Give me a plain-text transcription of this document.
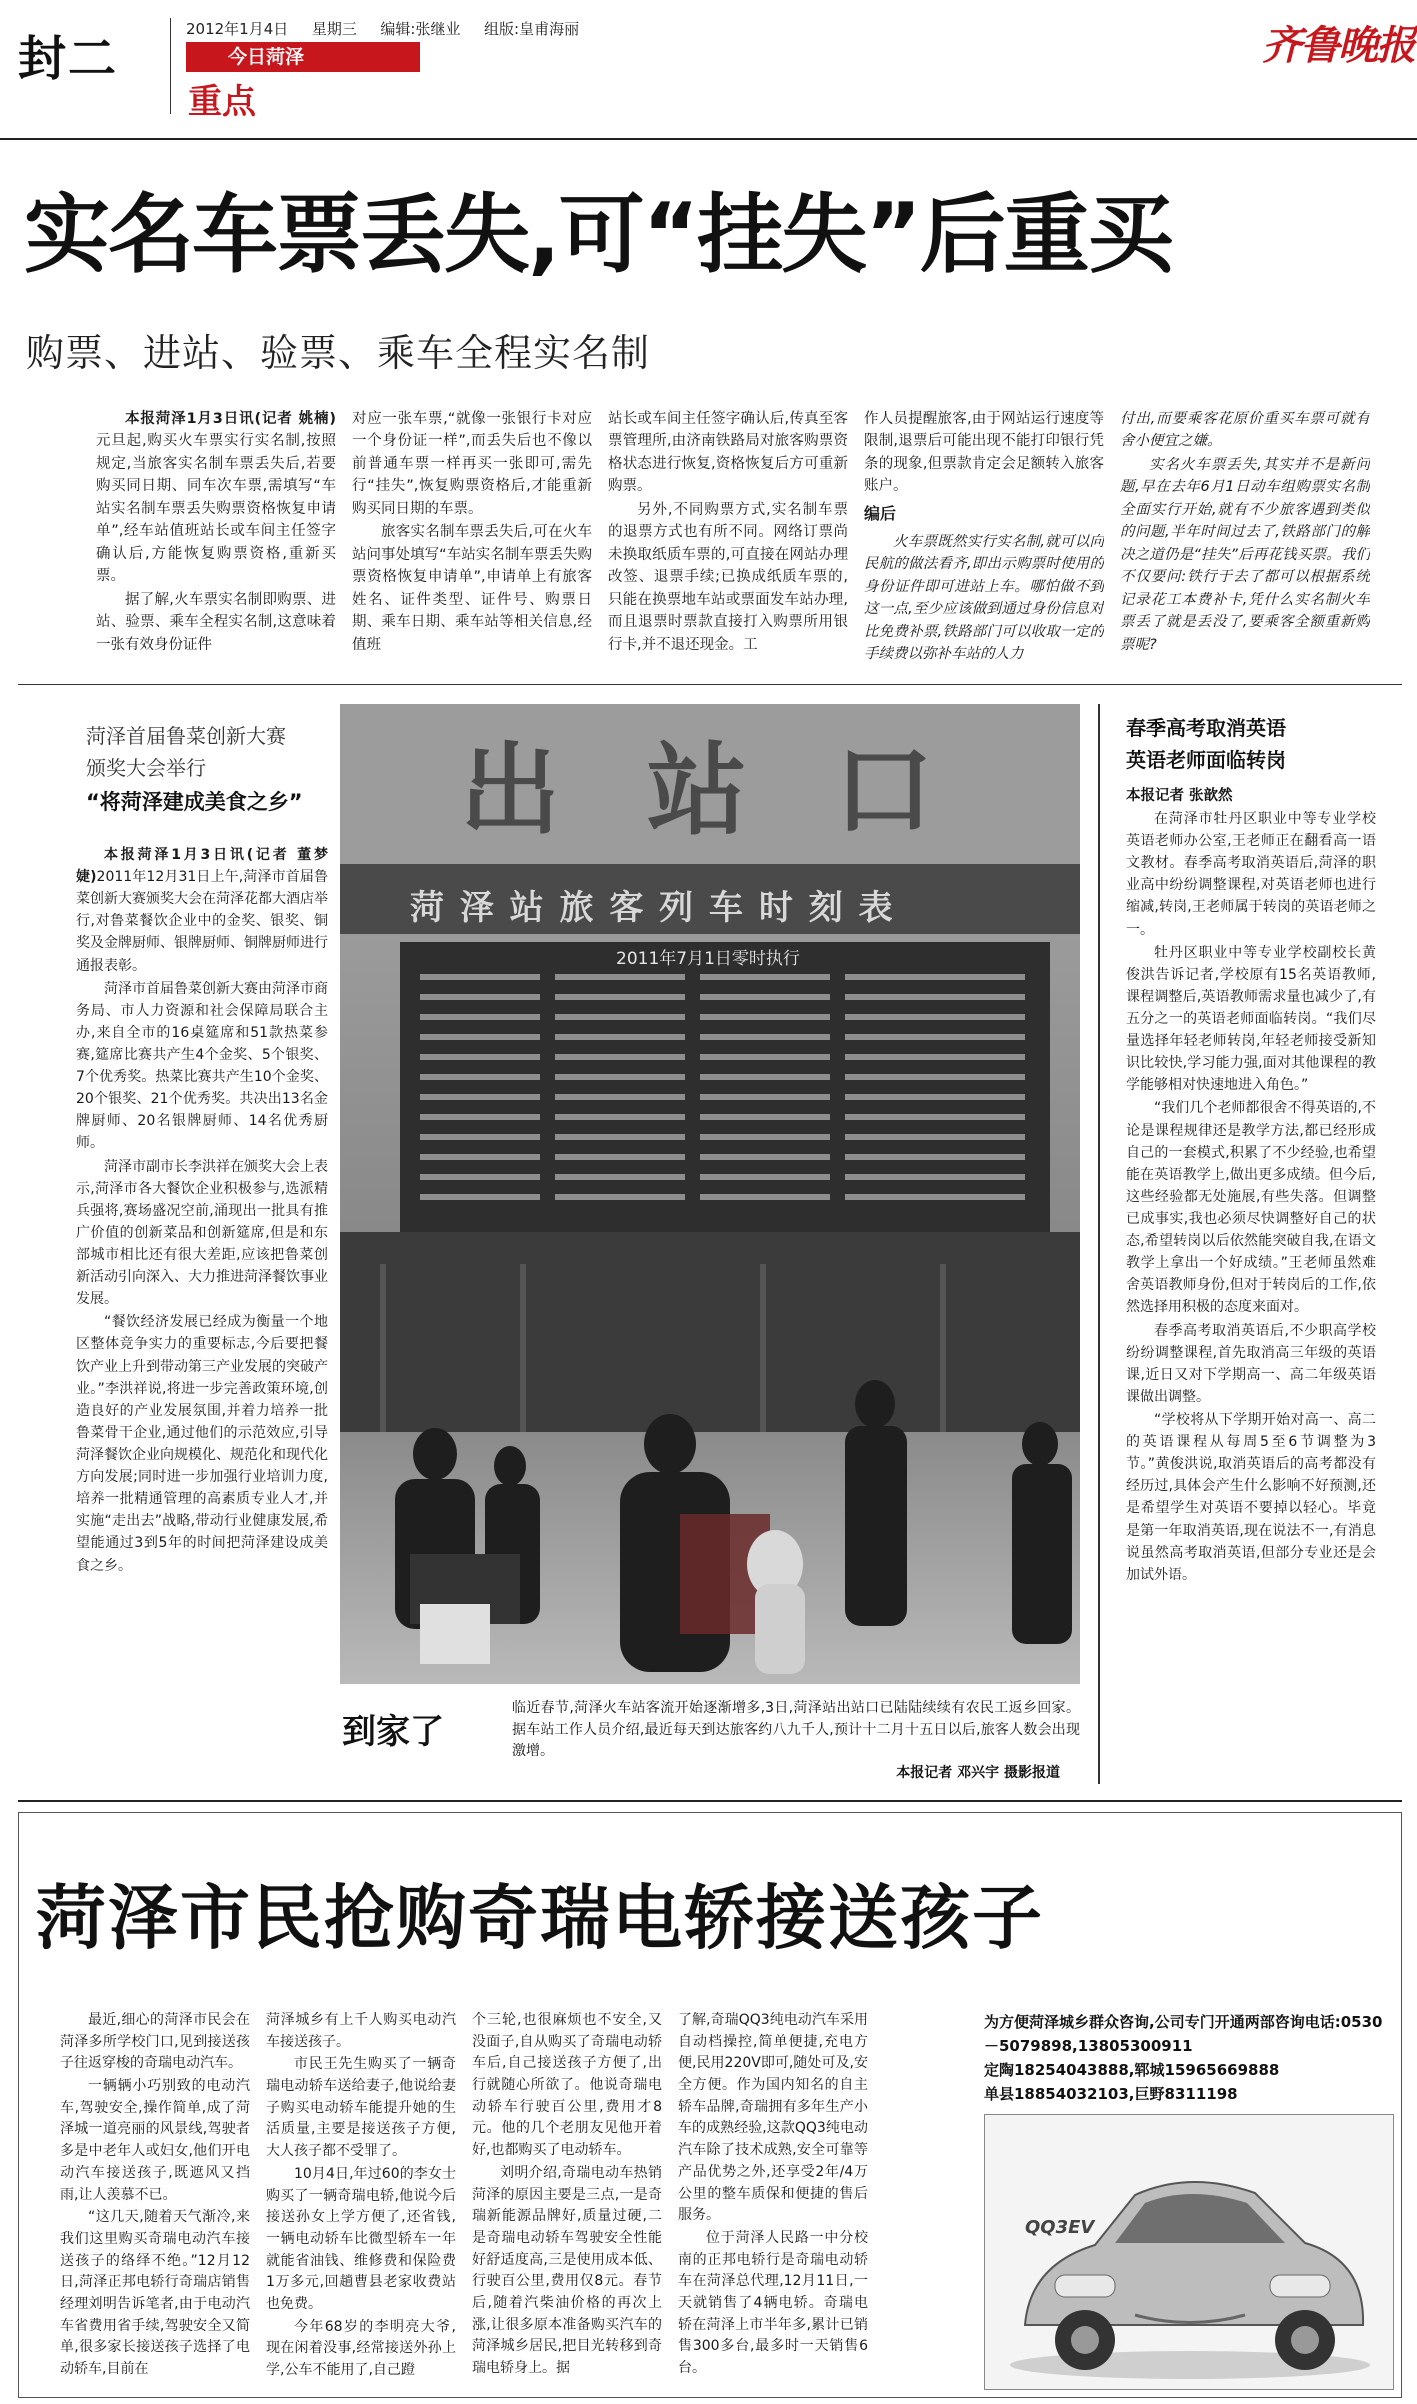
封二
2012年1月4日 星期三 编辑:张继业 组版:皇甫海丽
今日菏泽
重点
齐鲁晚报
实名车票丢失,可“挂失”后重买
购票、进站、验票、乘车全程实名制

本报菏泽1月3日讯(记者 姚楠)元旦起,购买火车票实行实名制,按照规定,当旅客实名制车票丢失后,若要购买同日期、同车次车票,需填写“车站实名制车票丢失购票资格恢复申请单”,经车站值班站长或车间主任签字确认后,方能恢复购票资格,重新买票。

据了解,火车票实名制即购票、进站、验票、乘车全程实名制,这意味着一张有效身份证件

对应一张车票,“就像一张银行卡对应一个身份证一样”,而丢失后也不像以前普通车票一样再买一张即可,需先行“挂失”,恢复购票资格后,才能重新购买同日期的车票。

旅客实名制车票丢失后,可在火车站问事处填写“车站实名制车票丢失购票资格恢复申请单”,申请单上有旅客姓名、证件类型、证件号、购票日期、乘车日期、乘车站等相关信息,经值班

站长或车间主任签字确认后,传真至客票管理所,由济南铁路局对旅客购票资格状态进行恢复,资格恢复后方可重新购票。

另外,不同购票方式,实名制车票的退票方式也有所不同。网络订票尚未换取纸质车票的,可直接在网站办理改签、退票手续;已换成纸质车票的,只能在换票地车站或票面发车站办理,而且退票时票款直接打入购票所用银行卡,并不退还现金。工

作人员提醒旅客,由于网站运行速度等限制,退票后可能出现不能打印银行凭条的现象,但票款肯定会足额转入旅客账户。

编后

火车票既然实行实名制,就可以向民航的做法看齐,即出示购票时使用的身份证件即可进站上车。哪怕做不到这一点,至少应该做到通过身份信息对比免费补票,铁路部门可以收取一定的手续费以弥补车站的人力

付出,而要乘客花原价重买车票可就有舍小便宜之嫌。

实名火车票丢失,其实并不是新问题,早在去年6月1日动车组购票实名制全面实行开始,就有不少旅客遇到类似的问题,半年时间过去了,铁路部门的解决之道仍是“挂失”后再花钱买票。我们不仅要问:铁行于去了都可以根据系统记录花工本费补卡,凭什么实名制火车票丢了就是丢没了,要乘客全额重新购票呢?

菏泽首届鲁菜创新大赛
颁奖大会举行
“将菏泽建成美食之乡”

本报菏泽1月3日讯(记者 董梦婕)2011年12月31日上午,菏泽市首届鲁菜创新大赛颁奖大会在菏泽花都大酒店举行,对鲁菜餐饮企业中的金奖、银奖、铜奖及金牌厨师、银牌厨师、铜牌厨师进行通报表彰。

菏泽市首届鲁菜创新大赛由菏泽市商务局、市人力资源和社会保障局联合主办,来自全市的16桌筵席和51款热菜参赛,筵席比赛共产生4个金奖、5个银奖、7个优秀奖。热菜比赛共产生10个金奖、20个银奖、21个优秀奖。共决出13名金牌厨师、20名银牌厨师、14名优秀厨师。

菏泽市副市长李洪祥在颁奖大会上表示,菏泽市各大餐饮企业积极参与,选派精兵强将,赛场盛况空前,涌现出一批具有推广价值的创新菜品和创新筵席,但是和东部城市相比还有很大差距,应该把鲁菜创新活动引向深入、大力推进菏泽餐饮事业发展。

“餐饮经济发展已经成为衡量一个地区整体竞争实力的重要标志,今后要把餐饮产业上升到带动第三产业发展的突破产业。”李洪祥说,将进一步完善政策环境,创造良好的产业发展氛围,并着力培养一批鲁菜骨干企业,通过他们的示范效应,引导菏泽餐饮企业向规模化、规范化和现代化方向发展;同时进一步加强行业培训力度,培养一批精通管理的高素质专业人才,并实施“走出去”战略,带动行业健康发展,希望能通过3到5年的时间把菏泽建设成美食之乡。

出 站 口
菏 泽 站 旅 客 列 车 时 刻 表
2011年7月1日零时执行
到家了
临近春节,菏泽火车站客流开始逐渐增多,3日,菏泽站出站口已陆陆续续有农民工返乡回家。据车站工作人员介绍,最近每天到达旅客约八九千人,预计十二月十五日以后,旅客人数会出现激增。
本报记者 邓兴宇 摄影报道
春季高考取消英语
英语老师面临转岗
本报记者 张歆然

在菏泽市牡丹区职业中等专业学校英语老师办公室,王老师正在翻看高一语文教材。春季高考取消英语后,菏泽的职业高中纷纷调整课程,对英语老师也进行缩减,转岗,王老师属于转岗的英语老师之一。

牡丹区职业中等专业学校副校长黄俊洪告诉记者,学校原有15名英语教师,课程调整后,英语教师需求量也减少了,有五分之一的英语老师面临转岗。“我们尽量选择年轻老师转岗,年轻老师接受新知识比较快,学习能力强,面对其他课程的教学能够相对快速地进入角色。”

“我们几个老师都很舍不得英语的,不论是课程规律还是教学方法,都已经形成自己的一套模式,积累了不少经验,也希望能在英语教学上,做出更多成绩。但今后,这些经验都无处施展,有些失落。但调整已成事实,我也必须尽快调整好自己的状态,希望转岗以后依然能突破自我,在语文教学上拿出一个好成绩。”王老师虽然难舍英语教师身份,但对于转岗后的工作,依然选择用积极的态度来面对。

春季高考取消英语后,不少职高学校纷纷调整课程,首先取消高三年级的英语课,近日又对下学期高一、高二年级英语课做出调整。

“学校将从下学期开始对高一、高二的英语课程从每周5至6节调整为3节。”黄俊洪说,取消英语后的高考都没有经历过,具体会产生什么影响不好预测,还是希望学生对英语不要掉以轻心。毕竟是第一年取消英语,现在说法不一,有消息说虽然高考取消英语,但部分专业还是会加试外语。

菏泽市民抢购奇瑞电轿接送孩子

最近,细心的菏泽市民会在菏泽多所学校门口,见到接送孩子往返穿梭的奇瑞电动汽车。

一辆辆小巧别致的电动汽车,驾驶安全,操作简单,成了菏泽城一道亮丽的风景线,驾驶者多是中老年人或妇女,他们开电动汽车接送孩子,既遮风又挡雨,让人羡慕不已。

“这几天,随着天气渐冷,来我们这里购买奇瑞电动汽车接送孩子的络绎不绝。”12月12日,菏泽正邦电轿行奇瑞店销售经理刘明告诉笔者,由于电动汽车省费用省手续,驾驶安全又简单,很多家长接送孩子选择了电动轿车,目前在

菏泽城乡有上千人购买电动汽车接送孩子。

市民王先生购买了一辆奇瑞电动轿车送给妻子,他说给妻子购买电动轿车能提升她的生活质量,主要是接送孩子方便,大人孩子都不受罪了。

10月4日,年过60的李女士购买了一辆奇瑞电轿,他说今后接送孙女上学方便了,还省钱,一辆电动轿车比微型轿车一年就能省油钱、维修费和保险费1万多元,回趟曹县老家收费站也免费。

今年68岁的李明亮大爷,现在闲着没事,经常接送外孙上学,公车不能用了,自己蹬

个三轮,也很麻烦也不安全,又没面子,自从购买了奇瑞电动轿车后,自己接送孩子方便了,出行就随心所欲了。他说奇瑞电动轿车行驶百公里,费用才8元。他的几个老朋友见他开着好,也都购买了电动轿车。

刘明介绍,奇瑞电动车热销菏泽的原因主要是三点,一是奇瑞新能源品牌好,质量过硬,二是奇瑞电动轿车驾驶安全性能好舒适度高,三是使用成本低、行驶百公里,费用仅8元。春节后,随着汽柴油价格的再次上涨,让很多原本准备购买汽车的菏泽城乡居民,把目光转移到奇瑞电轿身上。据

了解,奇瑞QQ3纯电动汽车采用自动档操控,简单便捷,充电方便,民用220V即可,随处可及,安全方便。作为国内知名的自主轿车品牌,奇瑞拥有多年生产小车的成熟经验,这款QQ3纯电动汽车除了技术成熟,安全可靠等产品优势之外,还享受2年/4万公里的整车质保和便捷的售后服务。

位于菏泽人民路一中分校南的正邦电轿行是奇瑞电动轿车在菏泽总代理,12月11日,一天就销售了4辆电轿。奇瑞电轿在菏泽上市半年多,累计已销售300多台,最多时一天销售6台。

为方便菏泽城乡群众咨询,公司专门开通两部咨询电话:0530－5079898,13805300911
定陶18254043888,郓城15965669888
单县18854032103,巨野8311198
QQ3EV
